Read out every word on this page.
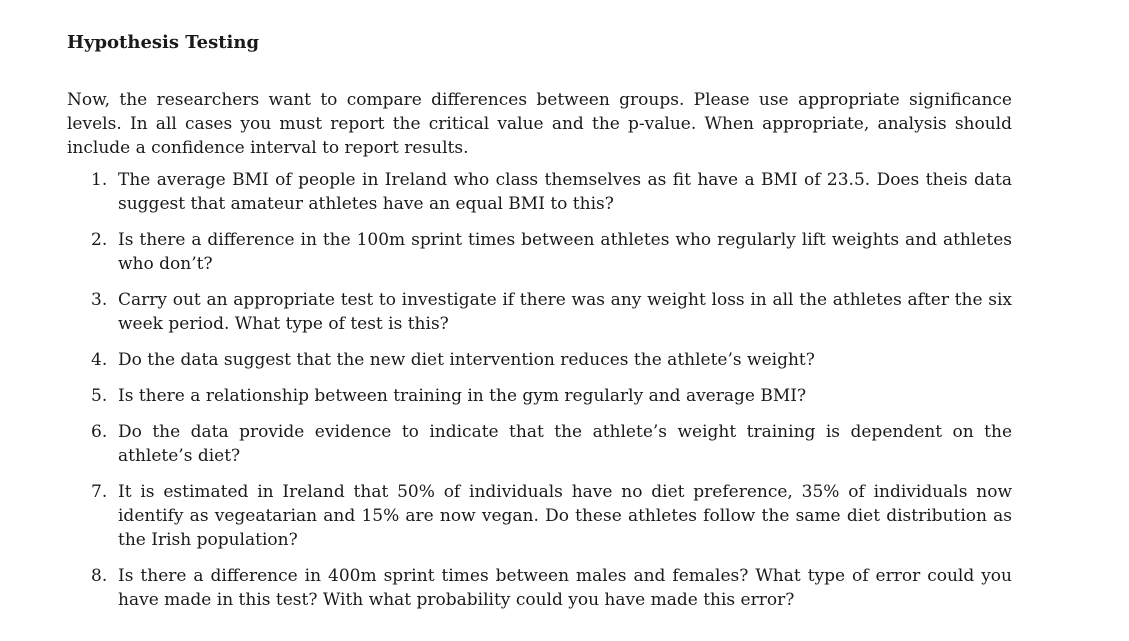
Hypothesis Testing

Now, the researchers want to compare differences between groups. Please use appropriate significance levels. In all cases you must report the critical value and the p-value. When appropriate, analysis should include a confidence interval to report results.

1. The average BMI of people in Ireland who class themselves as fit have a BMI of 23.5. Does theis data suggest that amateur athletes have an equal BMI to this?
2. Is there a difference in the 100m sprint times between athletes who regularly lift weights and athletes who don’t?
3. Carry out an appropriate test to investigate if there was any weight loss in all the athletes after the six week period. What type of test is this?
4. Do the data suggest that the new diet intervention reduces the athlete’s weight?
5. Is there a relationship between training in the gym regularly and average BMI?
6. Do the data provide evidence to indicate that the athlete’s weight training is dependent on the athlete’s diet?
7. It is estimated in Ireland that 50% of individuals have no diet preference, 35% of individuals now identify as vegeatarian and 15% are now vegan. Do these athletes follow the same diet distribution as the Irish population?
8. Is there a difference in 400m sprint times between males and females? What type of error could you have made in this test? With what probability could you have made this error?
